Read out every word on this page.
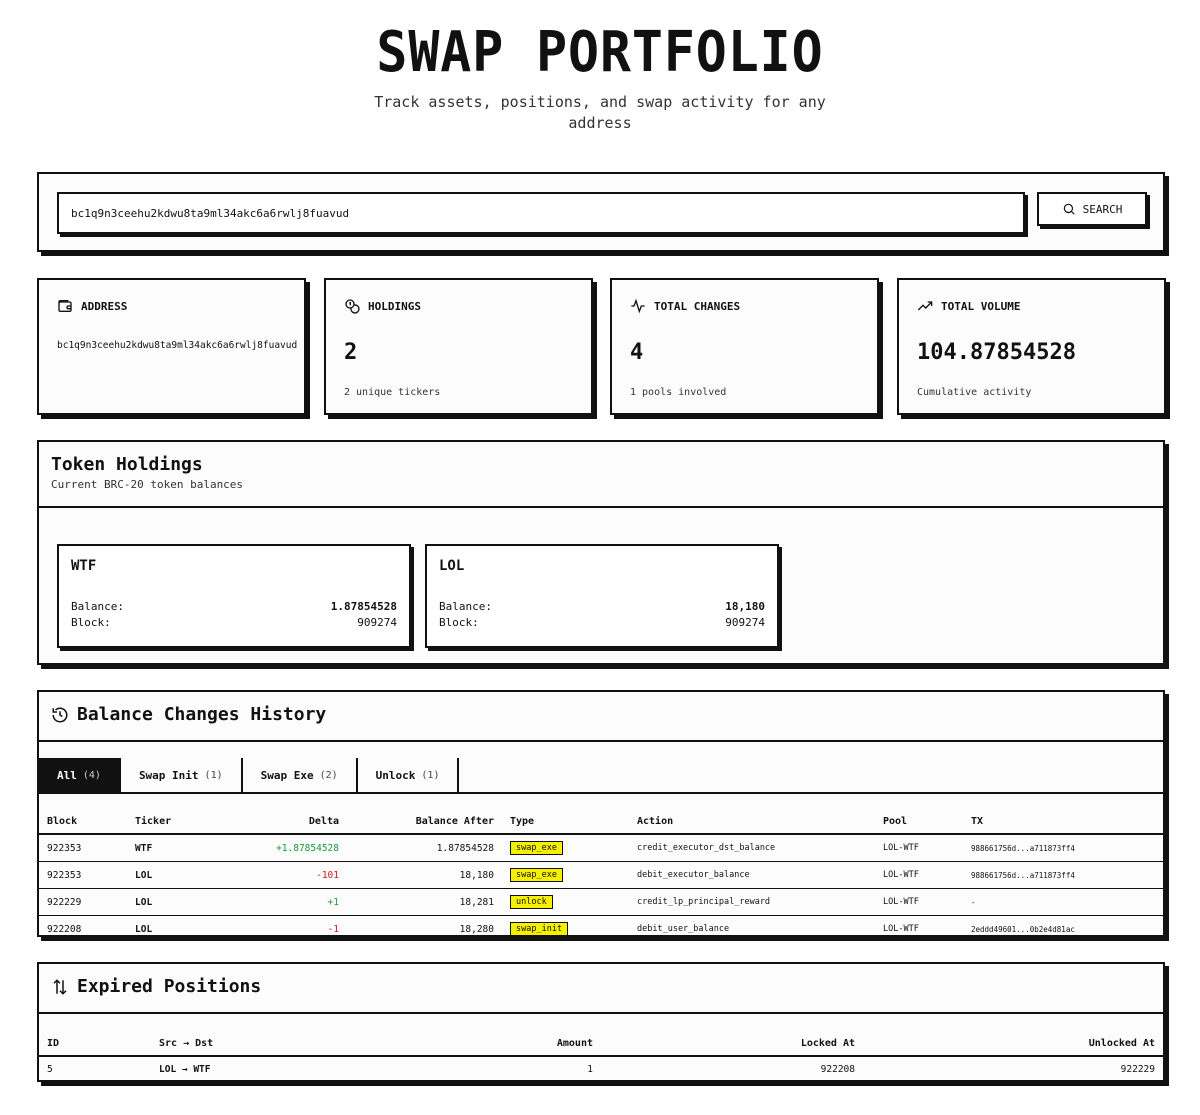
SWAP PORTFOLIO
Track assets, positions, and swap activity for any address
bc1q9n3ceehu2kdwu8ta9ml34akc6a6rwlj8fuavud
SEARCH
ADDRESS
bc1q9n3ceehu2kdwu8ta9ml34akc6a6rwlj8fuavud
HOLDINGS
2
2 unique tickers
TOTAL CHANGES
4
1 pools involved
TOTAL VOLUME
104.87854528
Cumulative activity
Token Holdings
Current BRC-20 token balances
WTF
Balance:	1.87854528
Block:	909274
LOL
Balance:	18,180
Block:	909274
Balance Changes History
All (4)	Swap Init (1)	Swap Exe (2)	Unlock (1)
Block	Ticker	Delta	Balance After	Type	Action	Pool	TX
922353	WTF	+1.87854528	1.87854528	swap_exe	credit_executor_dst_balance	LOL-WTF	988661756d...a711873ff4
922353	LOL	-101	18,180	swap_exe	debit_executor_balance	LOL-WTF	988661756d...a711873ff4
922229	LOL	+1	18,281	unlock	credit_lp_principal_reward	LOL-WTF	-
922208	LOL	-1	18,280	swap_init	debit_user_balance	LOL-WTF	2eddd49601...0b2e4d81ac
Expired Positions
ID	Src → Dst	Amount	Locked At	Unlocked At
5	LOL → WTF	1	922208	922229
